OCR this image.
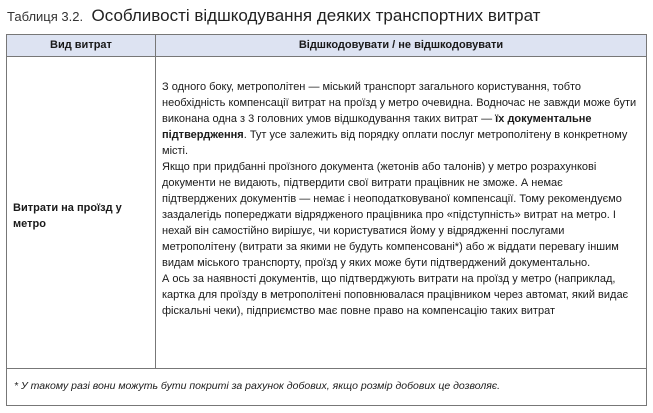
Таблиця 3.2. Особливості відшкодування деяких транспортних витрат
Вид витрат	Відшкодовувати / не відшкодовувати
Витрати на проїзд у метро

З одного боку, метрополітен — міський транспорт загального користування, тобто необхідність компенсації витрат на проїзд у метро очевидна. Водночас не завжди може бути виконана одна з 3 головних умов відшкодування таких витрат — їх документальне підтвердження. Тут усе залежить від порядку оплати послуг метрополітену в конкретному місті.

Якщо при придбанні проїзного документа (жетонів або талонів) у метро розрахункові документи не видають, підтвердити свої витрати працівник не зможе. А немає підтверджених документів — немає і неоподатковуваної компенсації. Тому рекомендуємо заздалегідь попереджати відрядженого працівника про «підступність» витрат на метро. І нехай він самостійно вирішує, чи користуватися йому у відрядженні послугами метрополітену (витрати за якими не будуть компенсовані*) або ж віддати перевагу іншим видам міського транспорту, проїзд у яких може бути підтверджений документально.

А ось за наявності документів, що підтверджують витрати на проїзд у метро (наприклад, картка для проїзду в метрополітені поповнювалася працівником через автомат, який видає фіскальні чеки), підприємство має повне право на компенсацію таких витрат

* У такому разі вони можуть бути покриті за рахунок добових, якщо розмір добових це дозволяє.
